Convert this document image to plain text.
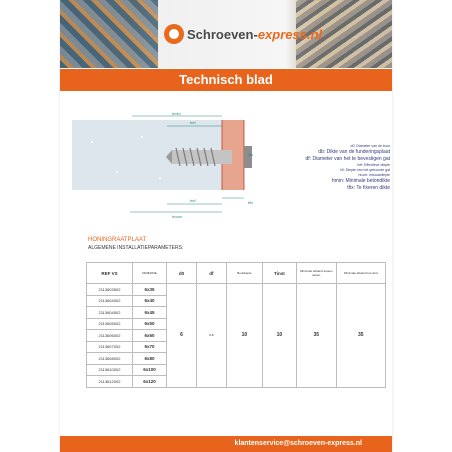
Schroeven-express.nl
Technisch blad
hef
hmin
hef
hnom
tfix
dw
d0: Diameter van de boor
db: Dikte van de funderingsplaat
df: Diameter van het te bevestigen gat
hef: Effectieve diepte
h0: Diepte van het geboorde gat
hnom: Inbouwdiepte
hmin: Minimale betondikte
tfix: Te fixeren dikte
HONINGRAATPLAAT
ALGEMENE INSTALLATIEPARAMETERS:
REF VS	DIMENSIE	d0	df	Boutdiepte	Tinst	Minimale afstand tussen assen	Minimale afstand tot rand
2113603502	6x35	6	6-8	10	10	35	35
2113604002	6x40						
2113604502	6x45						
2113605002	6x50						
2113606002	6x60						
2113607002	6x70						
2113608002	6x80						
2113610002	6x100						
2113612002	6x120						
klantenservice@schroeven-express.nl
